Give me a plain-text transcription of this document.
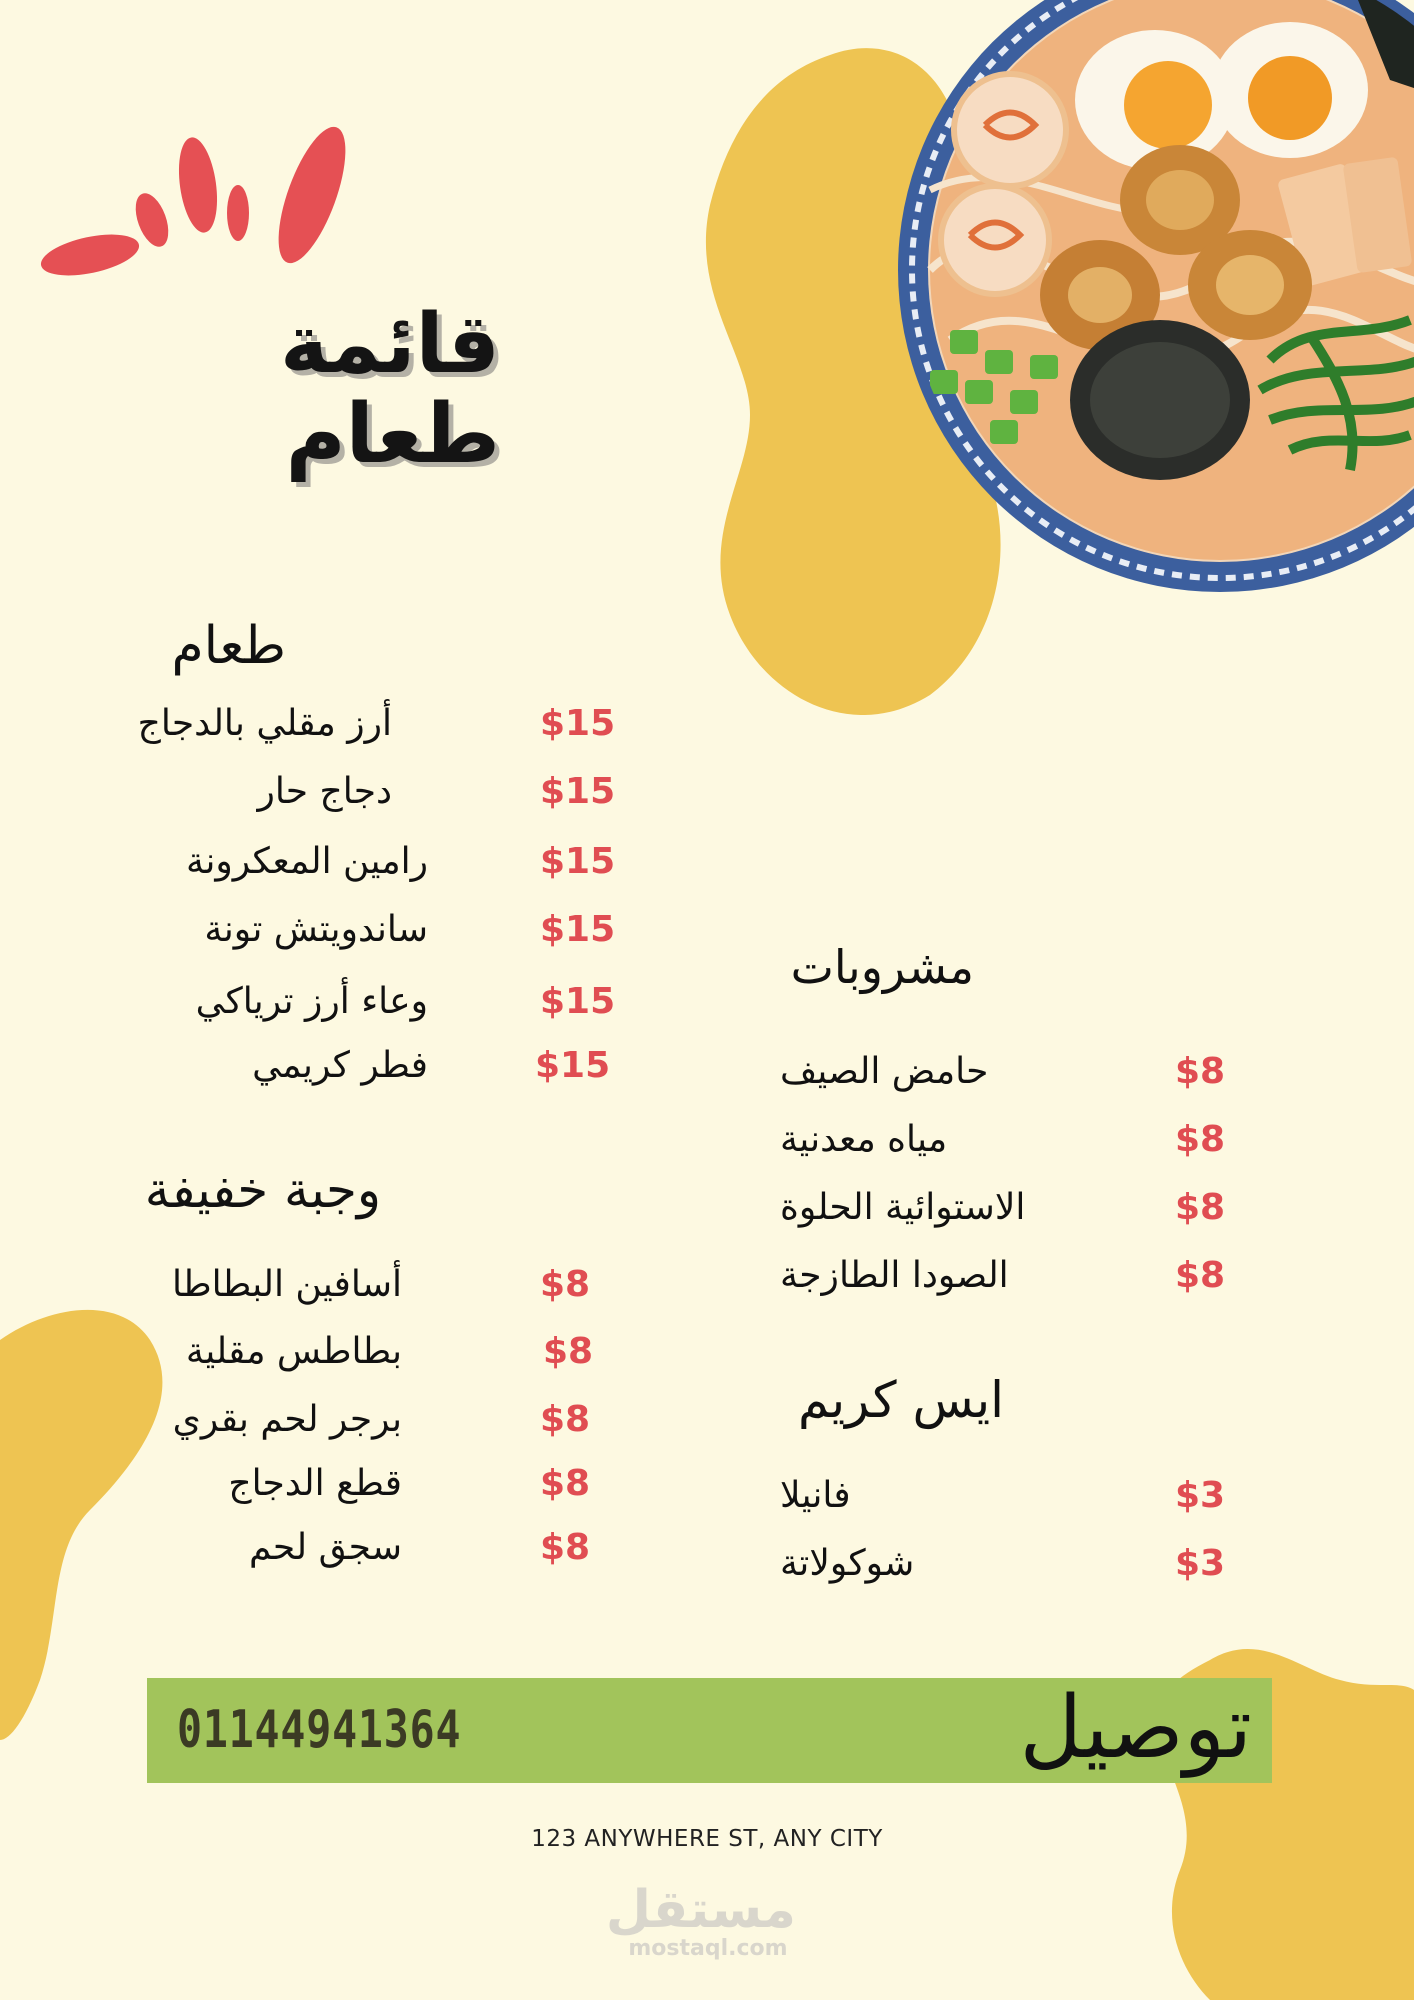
قائمة طعام
طعام
أرز مقلي بالدجاج	$15
دجاج حار	$15
رامين المعكرونة	$15
ساندويتش تونة	$15
وعاء أرز ترياكي	$15
فطر كريمي	$15
وجبة خفيفة
أسافين البطاطا	$8
بطاطس مقلية	$8
برجر لحم بقري	$8
قطع الدجاج	$8
سجق لحم	$8
مشروبات
حامض الصيف	$8
مياه معدنية	$8
الاستوائية الحلوة	$8
الصودا الطازجة	$8
ايس كريم
فانيلا	$3
شوكولاتة	$3
01144941364	توصيل
123 ANYWHERE ST, ANY CITY
مستقل
mostaql.com
